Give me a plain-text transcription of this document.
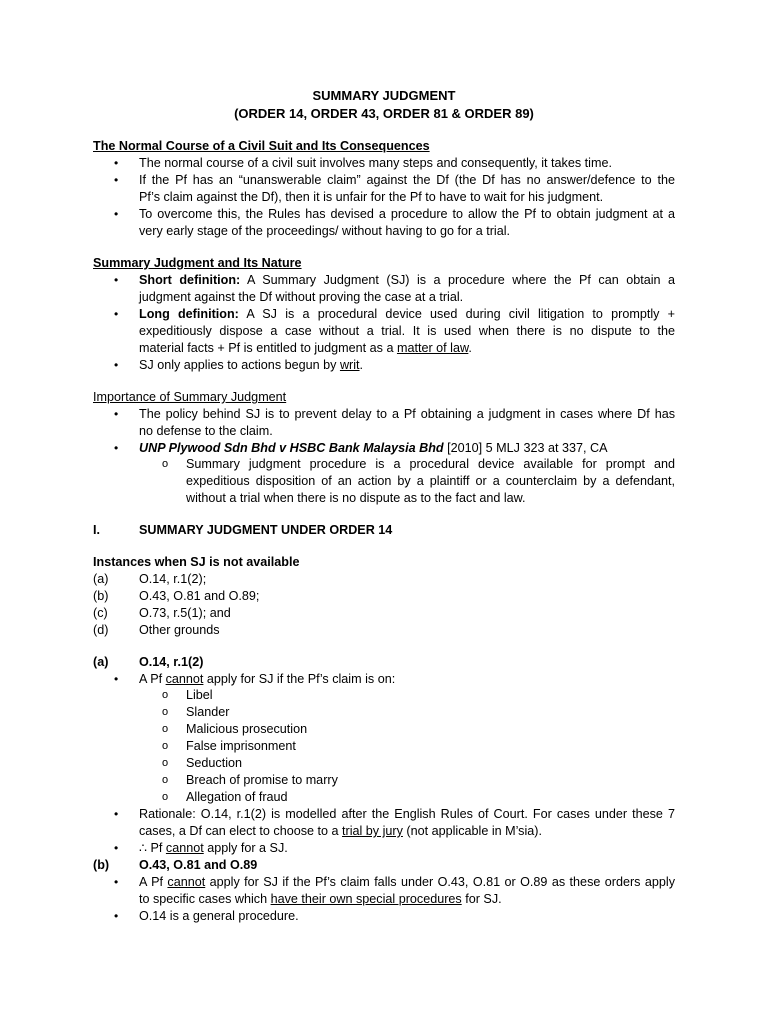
SUMMARY JUDGMENT
(ORDER 14, ORDER 43, ORDER 81 & ORDER 89)
The Normal Course of a Civil Suit and Its Consequences
• The normal course of a civil suit involves many steps and consequently, it takes time.
• If the Pf has an “unanswerable claim” against the Df (the Df has no answer/defence to the
Pf’s claim against the Df), then it is unfair for the Pf to have to wait for his judgment.
• To overcome this, the Rules has devised a procedure to allow the Pf to obtain judgment at a
very early stage of the proceedings/ without having to go for a trial.
Summary Judgment and Its Nature
• Short definition: A Summary Judgment (SJ) is a procedure where the Pf can obtain a
judgment against the Df without proving the case at a trial.
• Long definition: A SJ is a procedural device used during civil litigation to promptly +
expeditiously dispose a case without a trial. It is used when there is no dispute to the
material facts + Pf is entitled to judgment as a matter of law.
• SJ only applies to actions begun by writ.
Importance of Summary Judgment
• The policy behind SJ is to prevent delay to a Pf obtaining a judgment in cases where Df has
no defense to the claim.
• UNP Plywood Sdn Bhd v HSBC Bank Malaysia Bhd [2010] 5 MLJ 323 at 337, CA
o Summary judgment procedure is a procedural device available for prompt and
expeditious disposition of an action by a plaintiff or a counterclaim by a defendant,
without a trial when there is no dispute as to the fact and law.
I.	SUMMARY JUDGMENT UNDER ORDER 14
Instances when SJ is not available
(a) O.14, r.1(2);
(b) O.43, O.81 and O.89;
(c) O.73, r.5(1); and
(d) Other grounds
(a) O.14, r.1(2)
• A Pf cannot apply for SJ if the Pf’s claim is on:
o Libel
o Slander
o Malicious prosecution
o False imprisonment
o Seduction
o Breach of promise to marry
o Allegation of fraud
• Rationale: O.14, r.1(2) is modelled after the English Rules of Court. For cases under these 7
cases, a Df can elect to choose to a trial by jury (not applicable in M’sia).
• ∴ Pf cannot apply for a SJ.
(b) O.43, O.81 and O.89
• A Pf cannot apply for SJ if the Pf’s claim falls under O.43, O.81 or O.89 as these orders apply
to specific cases which have their own special procedures for SJ.
• O.14 is a general procedure.
